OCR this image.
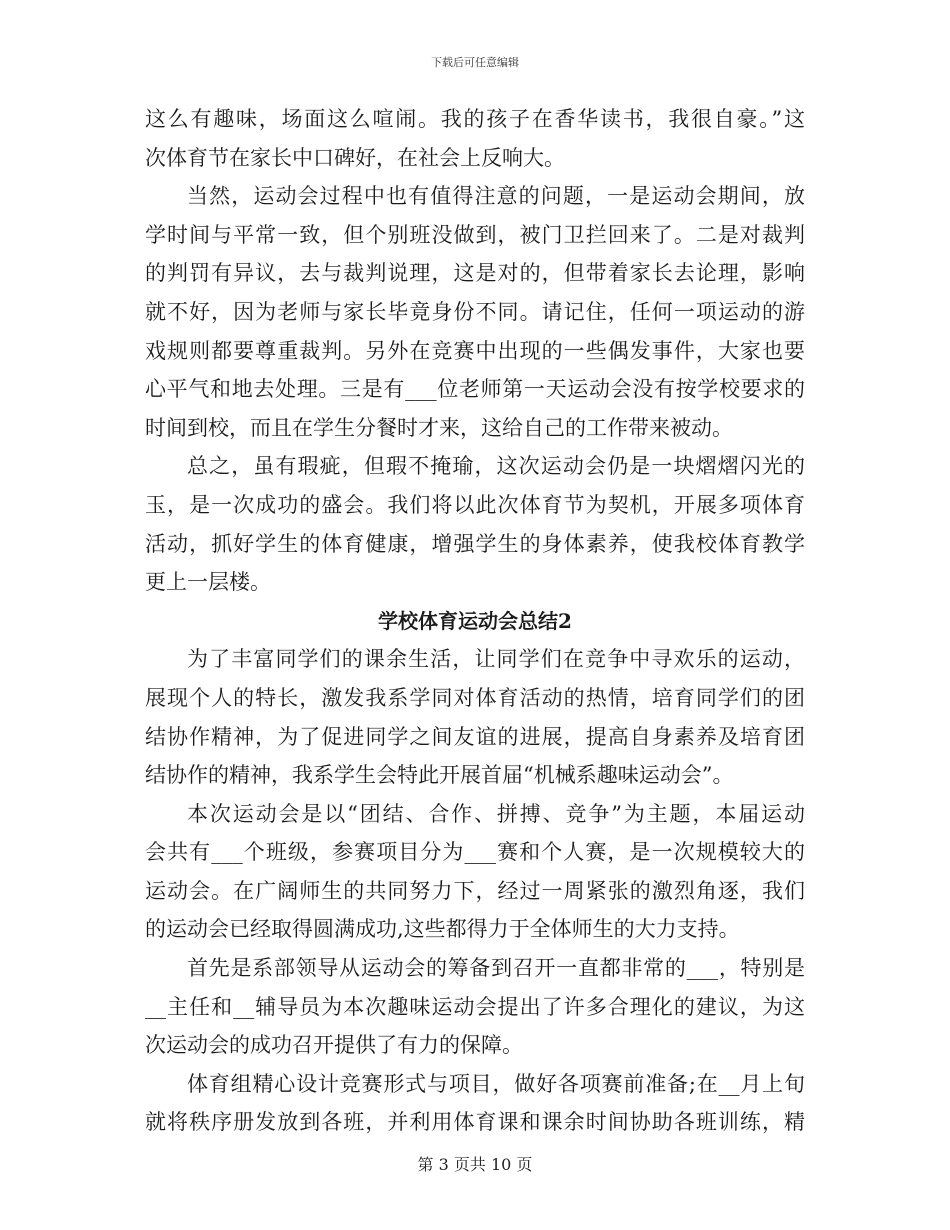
下载后可任意编辑
这么有趣味，场面这么喧闹。我的孩子在香华读书，我很自豪。”这
次体育节在家长中口碑好，在社会上反响大。
当然，运动会过程中也有值得注意的问题，一是运动会期间，放
学时间与平常一致，但个别班没做到，被门卫拦回来了。二是对裁判
的判罚有异议，去与裁判说理，这是对的，但带着家长去论理，影响
就不好，因为老师与家长毕竟身份不同。请记住，任何一项运动的游
戏规则都要尊重裁判。另外在竞赛中出现的一些偶发事件，大家也要
心平气和地去处理。三是有___位老师第一天运动会没有按学校要求的
时间到校，而且在学生分餐时才来，这给自己的工作带来被动。
总之，虽有瑕疵，但瑕不掩瑜，这次运动会仍是一块熠熠闪光的
玉，是一次成功的盛会。我们将以此次体育节为契机，开展多项体育
活动，抓好学生的体育健康，增强学生的身体素养，使我校体育教学
更上一层楼。
学校体育运动会总结2
为了丰富同学们的课余生活，让同学们在竞争中寻欢乐的运动，
展现个人的特长，激发我系学同对体育活动的热情，培育同学们的团
结协作精神，为了促进同学之间友谊的进展，提高自身素养及培育团
结协作的精神，我系学生会特此开展首届“机械系趣味运动会”。
本次运动会是以“团结、合作、拼搏、竞争”为主题，本届运动
会共有___个班级，参赛项目分为___赛和个人赛，是一次规模较大的
运动会。在广阔师生的共同努力下，经过一周紧张的激烈角逐，我们
的运动会已经取得圆满成功,这些都得力于全体师生的大力支持。
首先是系部领导从运动会的筹备到召开一直都非常的___，特别是
__主任和__辅导员为本次趣味运动会提出了许多合理化的建议，为这
次运动会的成功召开提供了有力的保障。
体育组精心设计竞赛形式与项目，做好各项赛前准备;在__月上旬
就将秩序册发放到各班，并利用体育课和课余时间协助各班训练，精
第 3 页共 10 页
